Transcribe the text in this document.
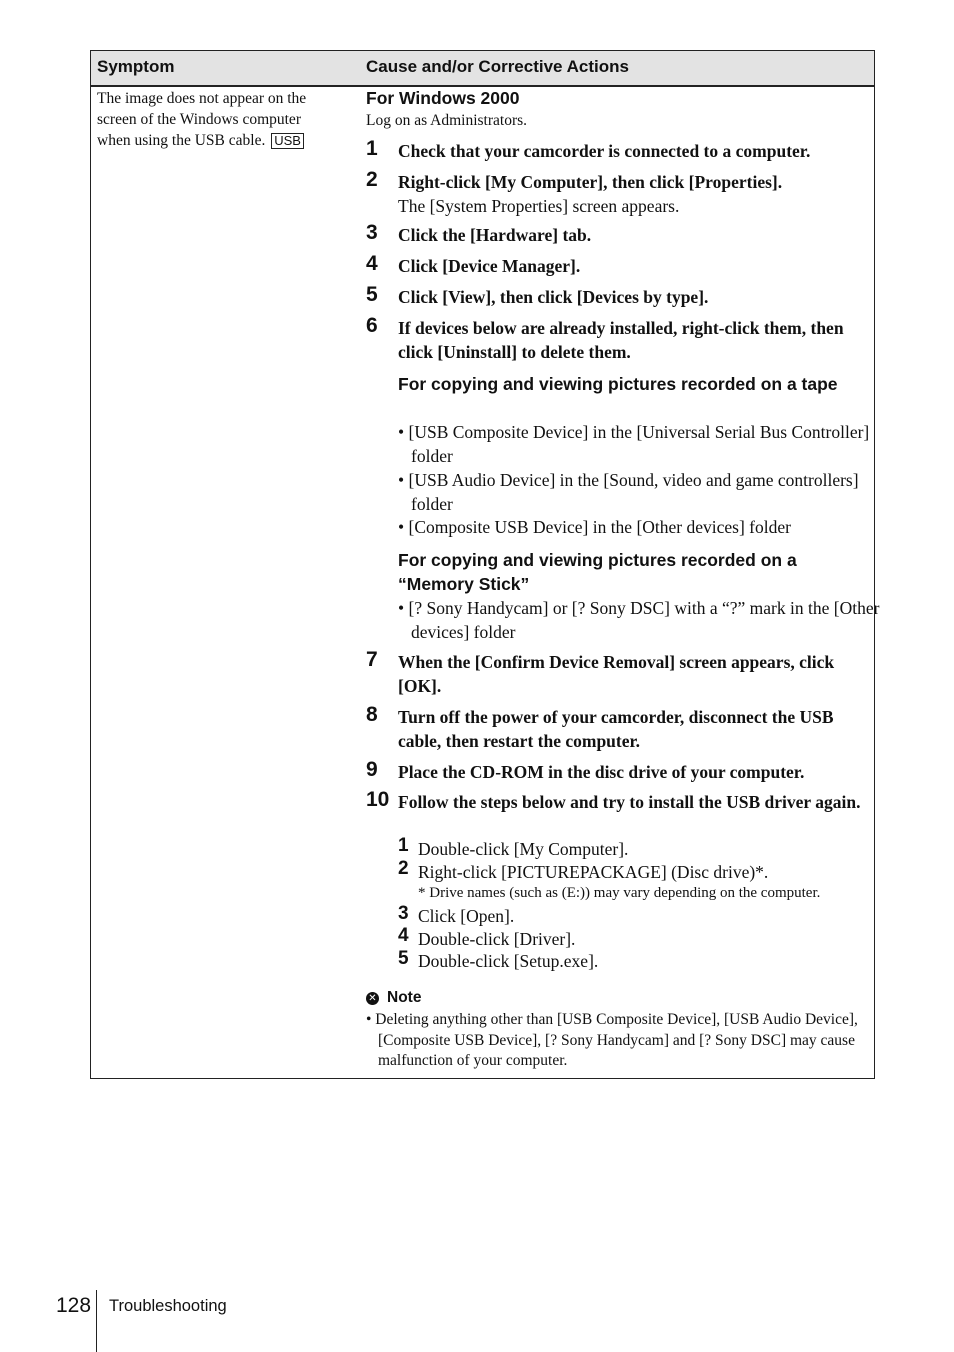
Symptom	Cause and/or Corrective Actions
The image does not appear on the screen of the Windows computer when using the USB cable. USB
For Windows 2000
Log on as Administrators.
1 Check that your camcorder is connected to a computer.
2 Right-click [My Computer], then click [Properties].
The [System Properties] screen appears.
3 Click the [Hardware] tab.
4 Click [Device Manager].
5 Click [View], then click [Devices by type].
6 If devices below are already installed, right-click them, then click [Uninstall] to delete them.
For copying and viewing pictures recorded on a tape
• [USB Composite Device] in the [Universal Serial Bus Controller] folder
• [USB Audio Device] in the [Sound, video and game controllers] folder
• [Composite USB Device] in the [Other devices] folder
For copying and viewing pictures recorded on a “Memory Stick”
• [? Sony Handycam] or [? Sony DSC] with a “?” mark in the [Other devices] folder
7 When the [Confirm Device Removal] screen appears, click [OK].
8 Turn off the power of your camcorder, disconnect the USB cable, then restart the computer.
9 Place the CD-ROM in the disc drive of your computer.
10 Follow the steps below and try to install the USB driver again.
1 Double-click [My Computer].
2 Right-click [PICTUREPACKAGE] (Disc drive)*.
* Drive names (such as (E:)) may vary depending on the computer.
3 Click [Open].
4 Double-click [Driver].
5 Double-click [Setup.exe].
✕ Note
• Deleting anything other than [USB Composite Device], [USB Audio Device], [Composite USB Device], [? Sony Handycam] and [? Sony DSC] may cause malfunction of your computer.
128 Troubleshooting
